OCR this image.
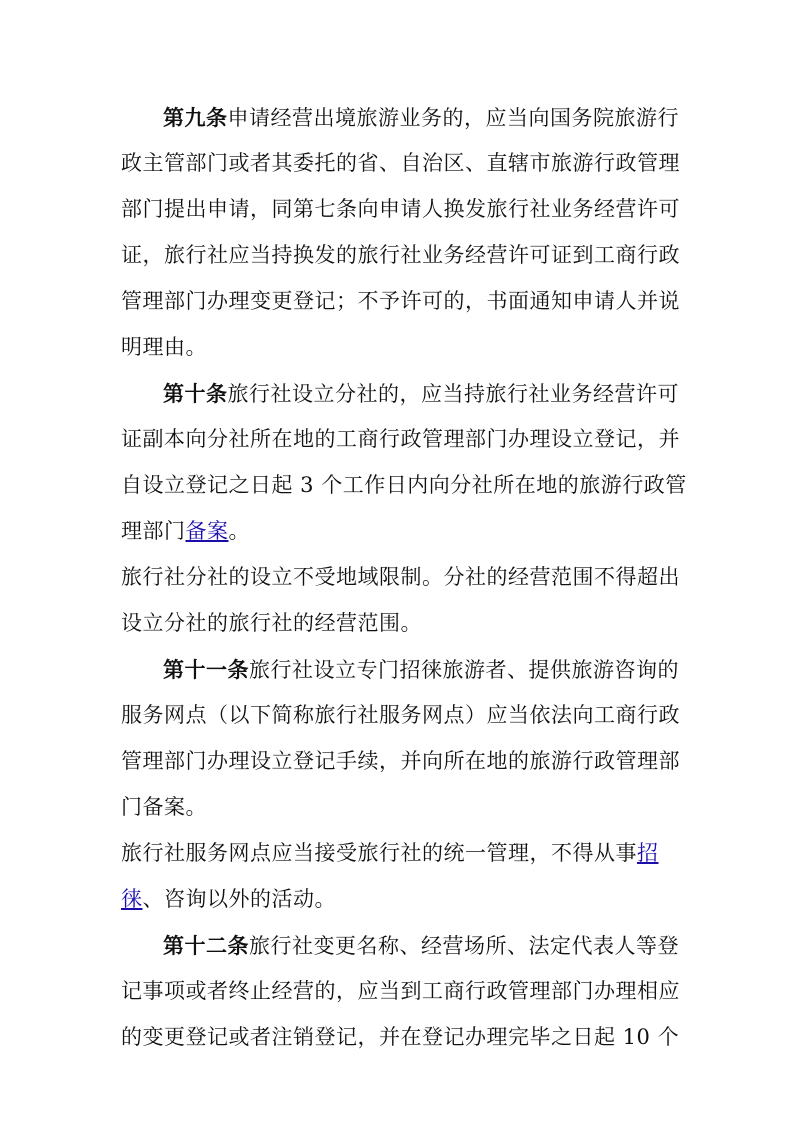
第九条申请经营出境旅游业务的，应当向国务院旅游行
政主管部门或者其委托的省、自治区、直辖市旅游行政管理
部门提出申请，同第七条向申请人换发旅行社业务经营许可
证，旅行社应当持换发的旅行社业务经营许可证到工商行政
管理部门办理变更登记；不予许可的，书面通知申请人并说
明理由。
第十条旅行社设立分社的，应当持旅行社业务经营许可
证副本向分社所在地的工商行政管理部门办理设立登记，并
自设立登记之日起 3 个工作日内向分社所在地的旅游行政管
理部门备案。
旅行社分社的设立不受地域限制。分社的经营范围不得超出
设立分社的旅行社的经营范围。
第十一条旅行社设立专门招徕旅游者、提供旅游咨询的
服务网点（以下简称旅行社服务网点）应当依法向工商行政
管理部门办理设立登记手续，并向所在地的旅游行政管理部
门备案。
旅行社服务网点应当接受旅行社的统一管理，不得从事招
徕、咨询以外的活动。
第十二条旅行社变更名称、经营场所、法定代表人等登
记事项或者终止经营的，应当到工商行政管理部门办理相应
的变更登记或者注销登记，并在登记办理完毕之日起 10 个
